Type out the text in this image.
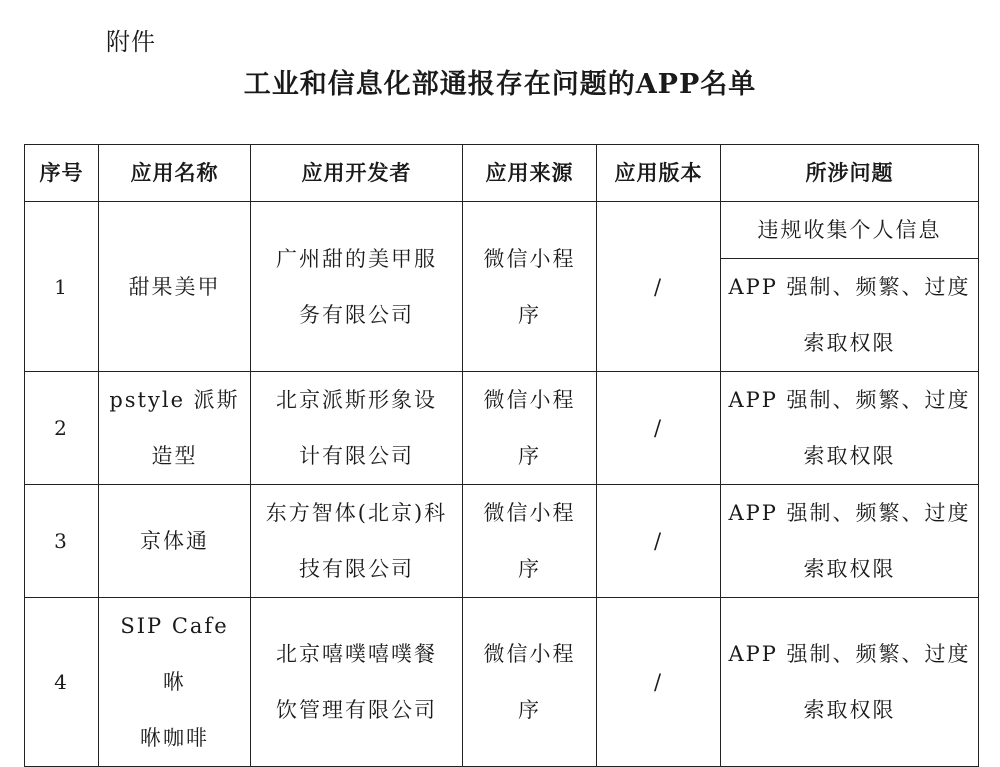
附件
工业和信息化部通报存在问题的APP名单
序号	应用名称	应用开发者	应用来源	应用版本	所涉问题
1	甜果美甲	广州甜的美甲服
务有限公司	微信小程
序	/	违规收集个人信息

					APP 强制、频繁、过度
索取权限

2	pstyle 派斯
造型	北京派斯形象设
计有限公司	微信小程
序	/	APP 强制、频繁、过度
索取权限

3	京体通	东方智体(北京)科
技有限公司	微信小程
序	/	APP 强制、频繁、过度
索取权限

4	SIP Cafe 咻
咻咖啡	北京嘻噗嘻噗餐
饮管理有限公司	微信小程
序	/	APP 强制、频繁、过度
索取权限
